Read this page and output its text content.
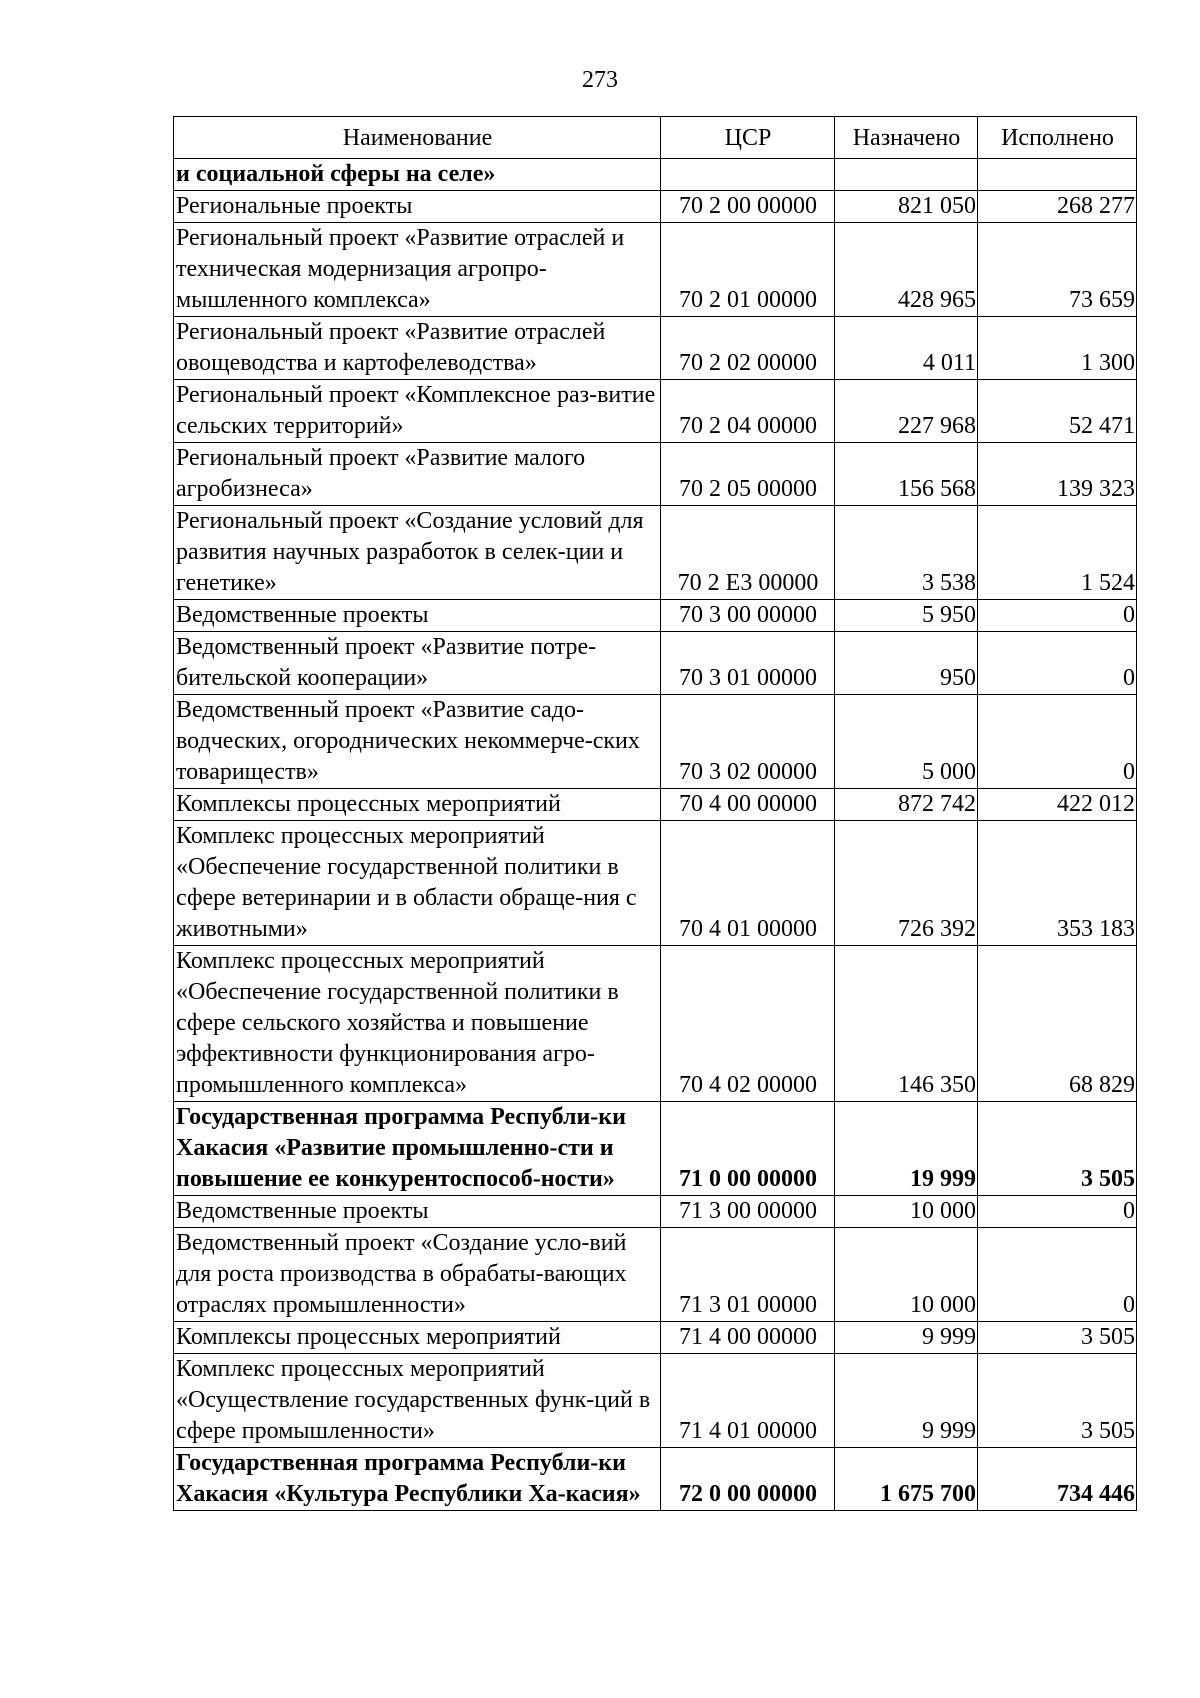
273
Наименование	ЦСР	Назначено	Исполнено
и социальной сферы на селе»			
Региональные проекты	70 2 00 00000	821 050	268 277
Региональный проект «Развитие отраслей и техническая модернизация агропро-мышленного комплекса»	70 2 01 00000	428 965	73 659
Региональный проект «Развитие отраслей овощеводства и картофелеводства»	70 2 02 00000	4 011	1 300
Региональный проект «Комплексное раз-витие сельских территорий»	70 2 04 00000	227 968	52 471
Региональный проект «Развитие малого агробизнеса»	70 2 05 00000	156 568	139 323
Региональный проект «Создание условий для развития научных разработок в селек-ции и генетике»	70 2 Е3 00000	3 538	1 524
Ведомственные проекты	70 3 00 00000	5 950	0
Ведомственный проект «Развитие потре-бительской кооперации»	70 3 01 00000	950	0
Ведомственный проект «Развитие садо-водческих, огороднических некоммерче-ских товариществ»	70 3 02 00000	5 000	0
Комплексы процессных мероприятий	70 4 00 00000	872 742	422 012
Комплекс процессных мероприятий «Обеспечение государственной политики в сфере ветеринарии и в области обраще-ния с животными»	70 4 01 00000	726 392	353 183
Комплекс процессных мероприятий «Обеспечение государственной политики в сфере сельского хозяйства и повышение эффективности функционирования агро-промышленного комплекса»	70 4 02 00000	146 350	68 829
Государственная программа Республи-ки Хакасия «Развитие промышленно-сти и повышение ее конкурентоспособ-ности»	71 0 00 00000	19 999	3 505
Ведомственные проекты	71 3 00 00000	10 000	0
Ведомственный проект «Создание усло-вий для роста производства в обрабаты-вающих отраслях промышленности»	71 3 01 00000	10 000	0
Комплексы процессных мероприятий	71 4 00 00000	9 999	3 505
Комплекс процессных мероприятий «Осуществление государственных функ-ций в сфере промышленности»	71 4 01 00000	9 999	3 505
Государственная программа Республи-ки Хакасия «Культура Республики Ха-касия»	72 0 00 00000	1 675 700	734 446
